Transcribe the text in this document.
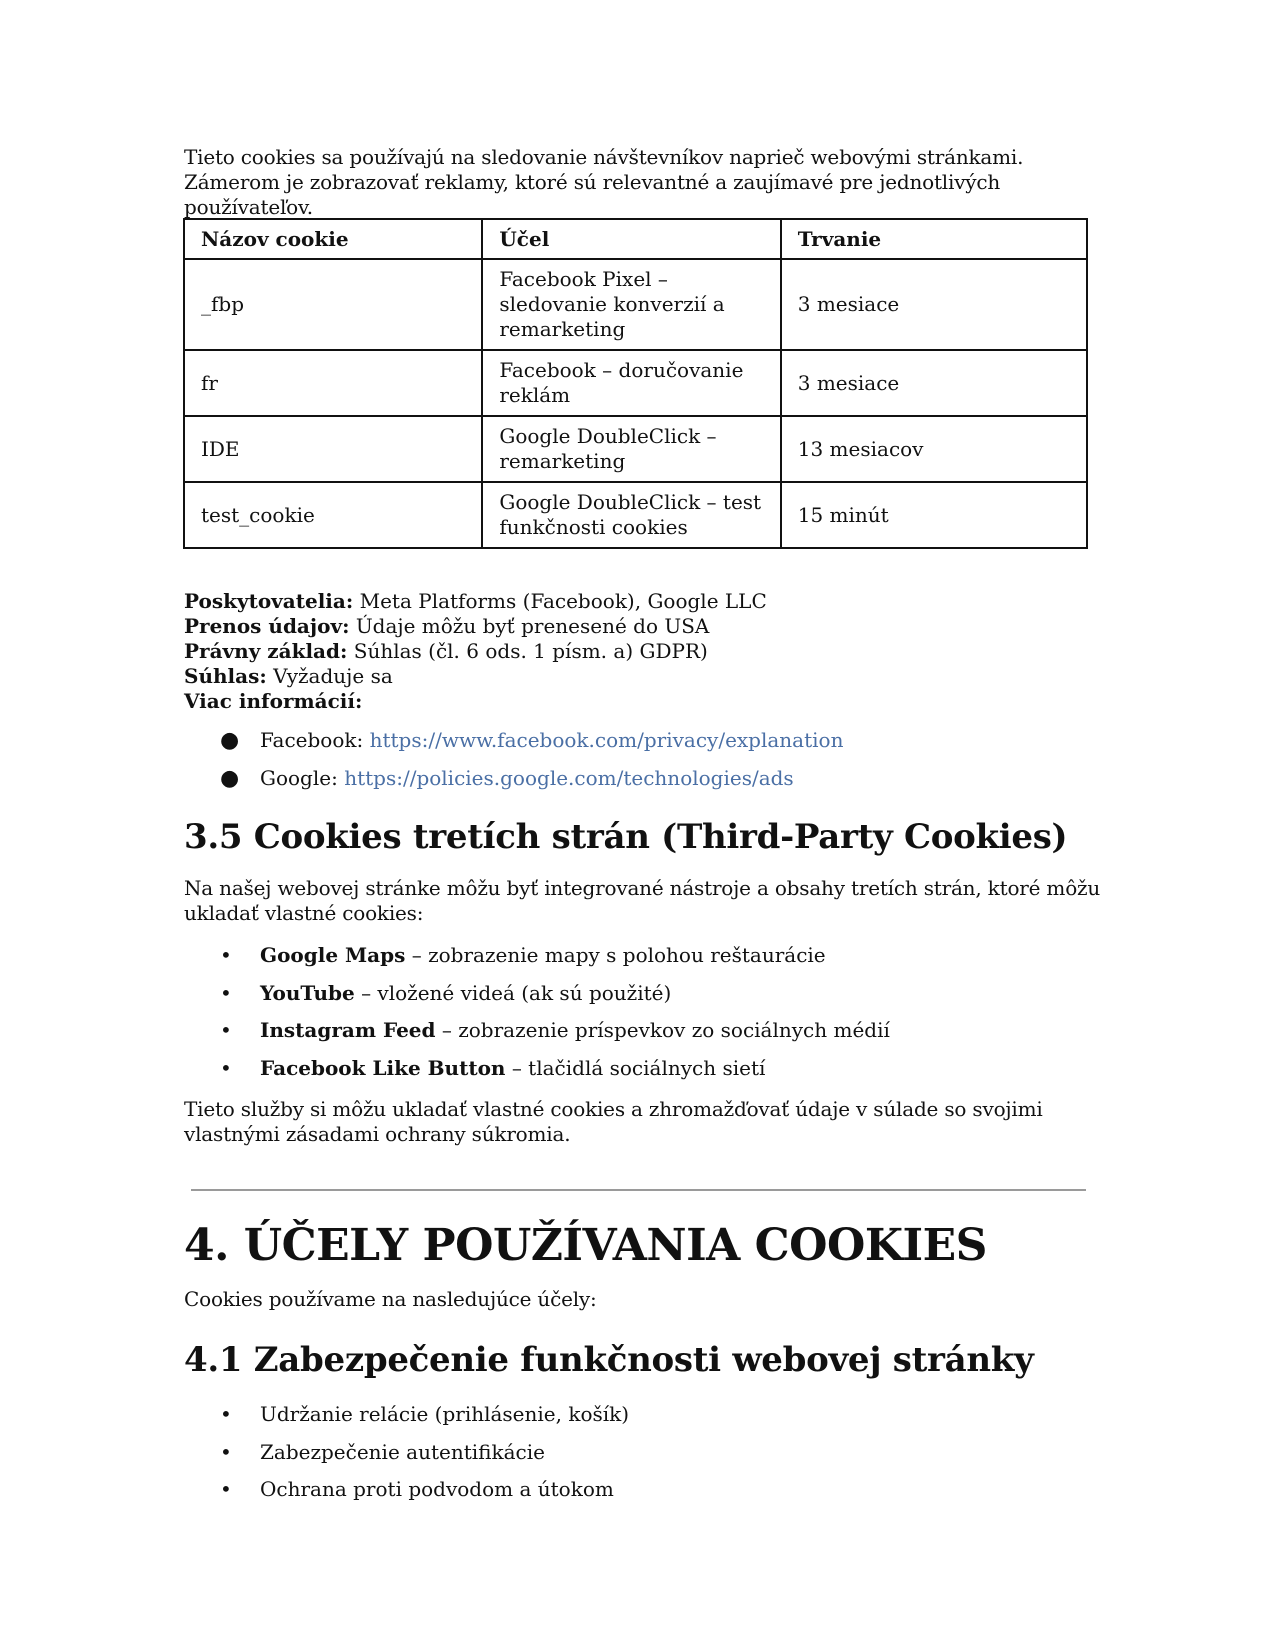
Tieto cookies sa používajú na sledovanie návštevníkov naprieč webovými stránkami. Zámerom je zobrazovať reklamy, ktoré sú relevantné a zaujímavé pre jednotlivých používateľov.

Názov cookie	Účel	Trvanie
_fbp	Facebook Pixel – sledovanie konverzií a remarketing	3 mesiace
fr	Facebook – doručovanie reklám	3 mesiace
IDE	Google DoubleClick – remarketing	13 mesiacov
test_cookie	Google DoubleClick – test funkčnosti cookies	15 minút
Poskytovatelia: Meta Platforms (Facebook), Google LLC
Prenos údajov: Údaje môžu byť prenesené do USA
Právny základ: Súhlas (čl. 6 ods. 1 písm. a) GDPR)
Súhlas: Vyžaduje sa
Viac informácií:
● Facebook: https://www.facebook.com/privacy/explanation
● Google: https://policies.google.com/technologies/ads
3.5 Cookies tretích strán (Third-Party Cookies)

Na našej webovej stránke môžu byť integrované nástroje a obsahy tretích strán, ktoré môžu ukladať vlastné cookies:

• Google Maps – zobrazenie mapy s polohou reštaurácie
• YouTube – vložené videá (ak sú použité)
• Instagram Feed – zobrazenie príspevkov zo sociálnych médií
• Facebook Like Button – tlačidlá sociálnych sietí

Tieto služby si môžu ukladať vlastné cookies a zhromažďovať údaje v súlade so svojimi vlastnými zásadami ochrany súkromia.

4. ÚČELY POUŽÍVANIA COOKIES

Cookies používame na nasledujúce účely:

4.1 Zabezpečenie funkčnosti webovej stránky
• Udržanie relácie (prihlásenie, košík)
• Zabezpečenie autentifikácie
• Ochrana proti podvodom a útokom
